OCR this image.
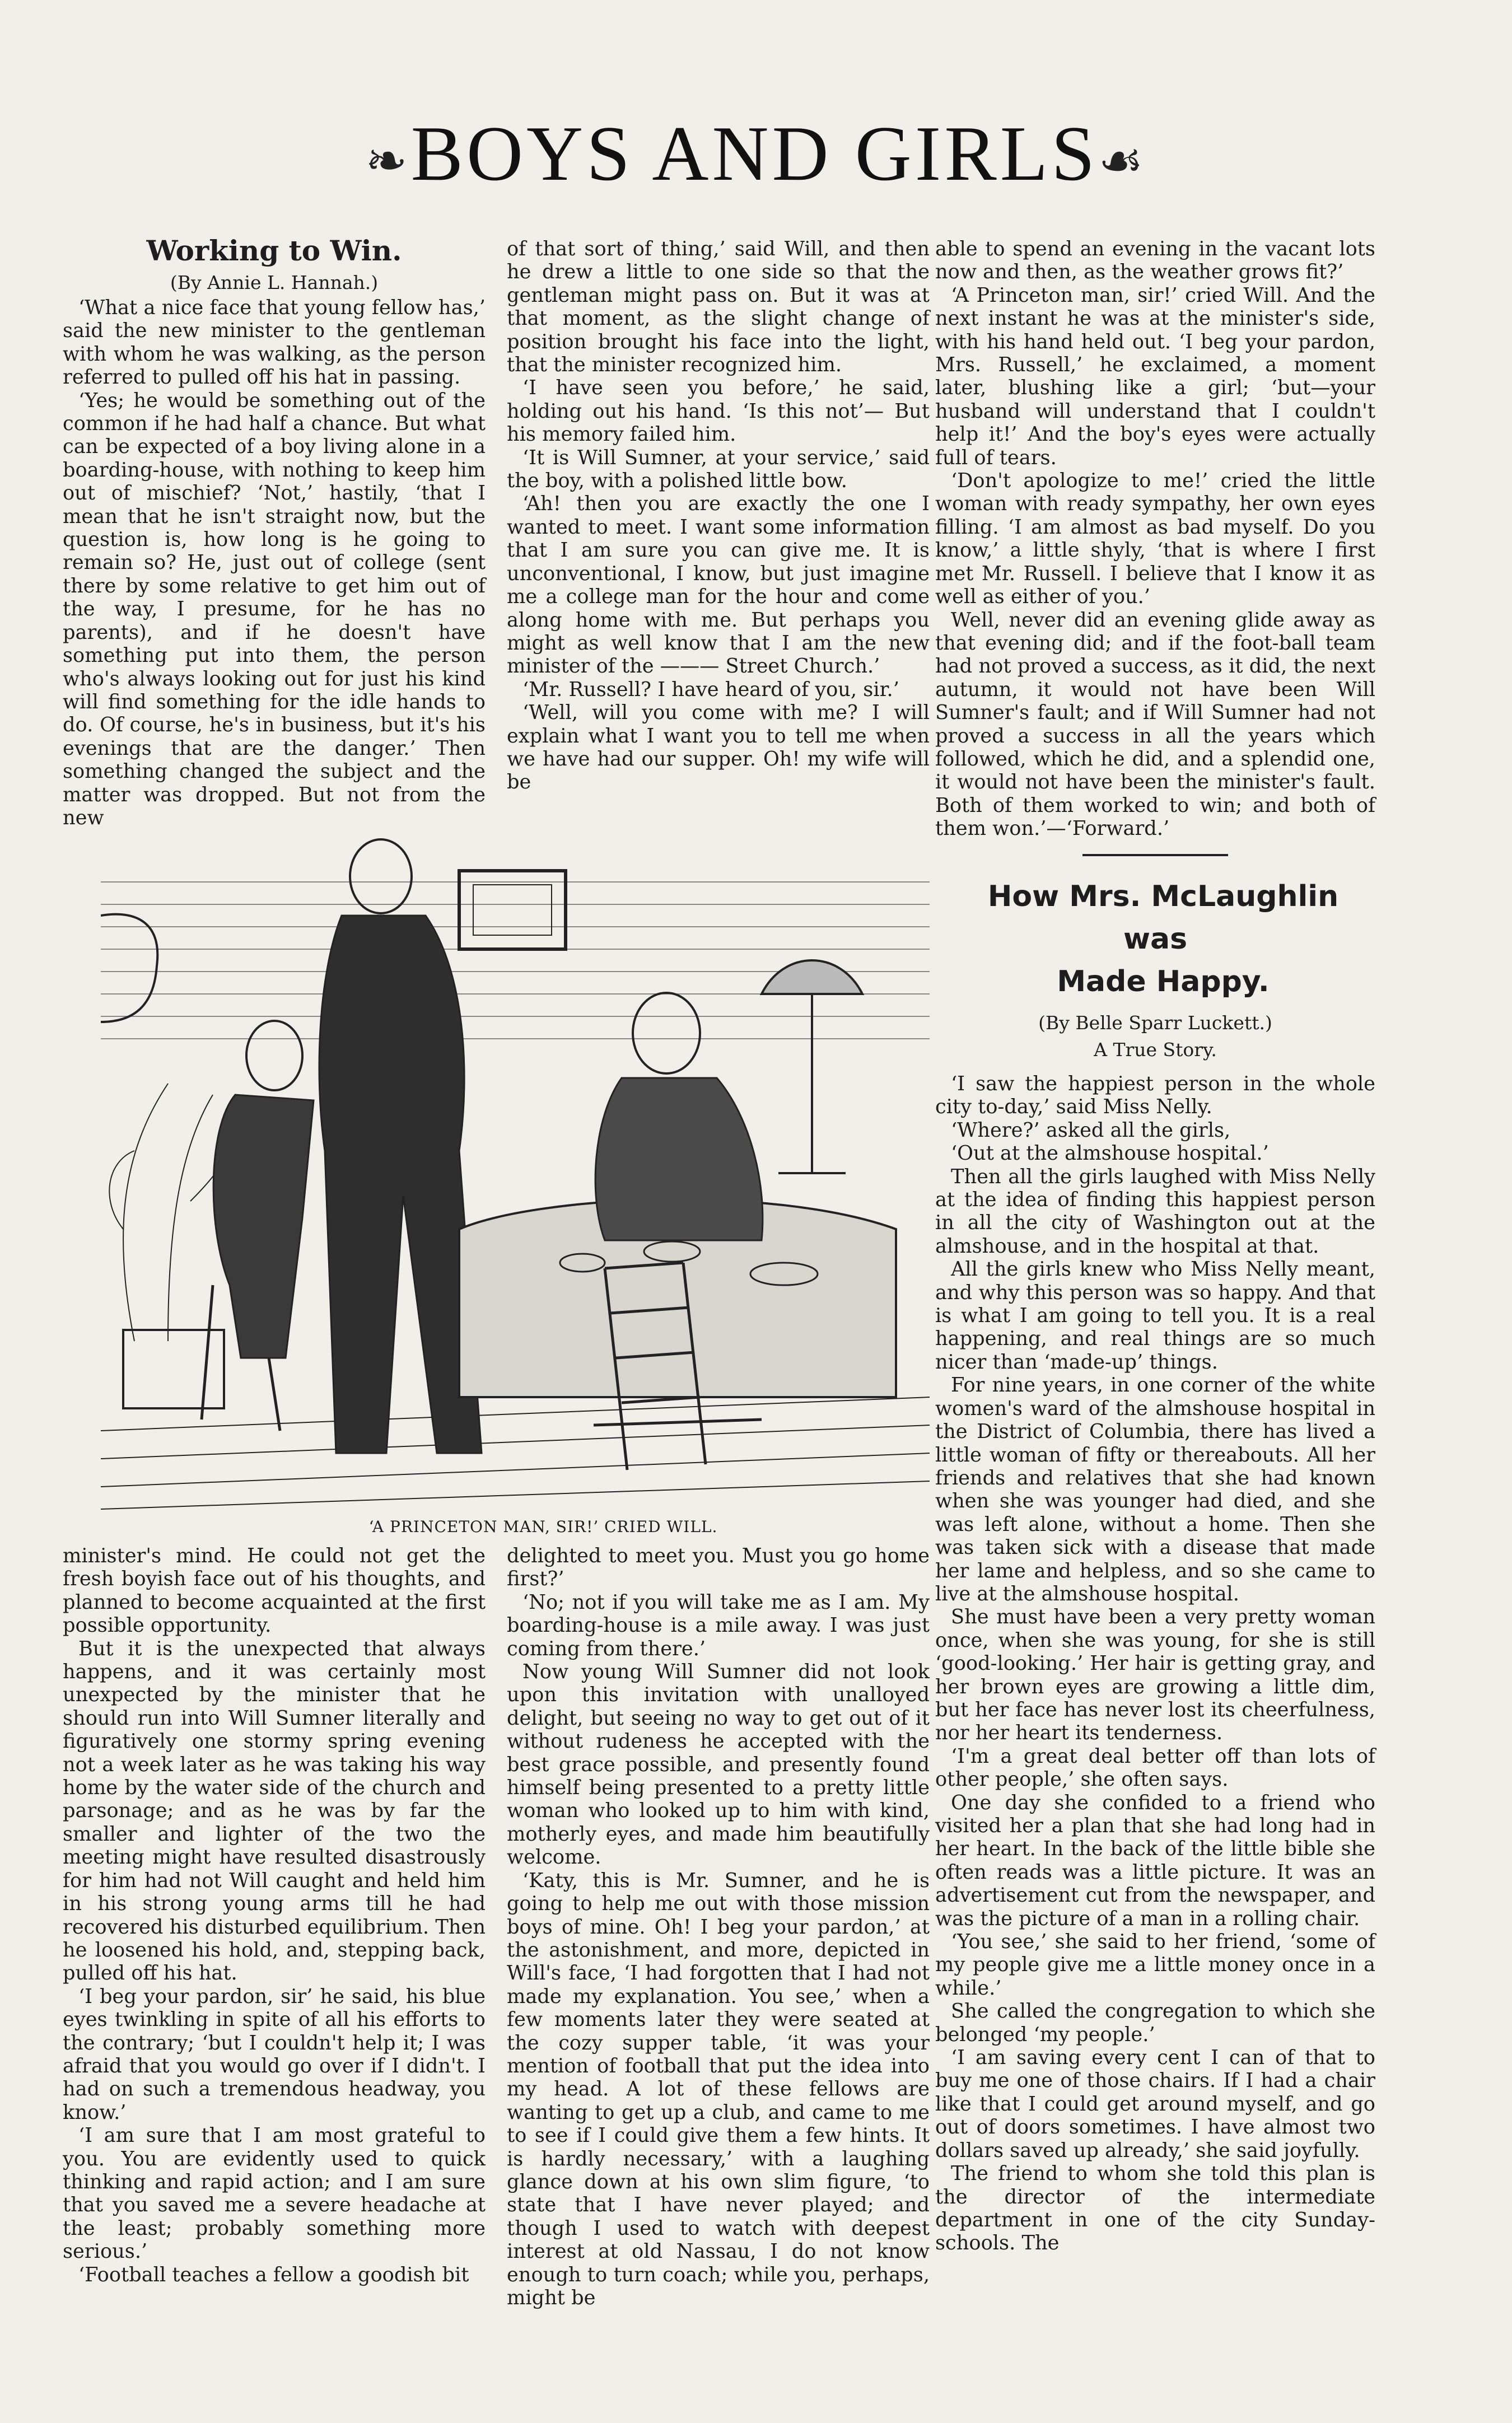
❧BOYS AND GIRLS☙

Working to Win.

(By Annie L. Hannah.)

‘What a nice face that young fellow has,’ said the new minister to the gentleman with whom he was walking, as the person referred to pulled off his hat in passing.

‘Yes; he would be something out of the common if he had half a chance. But what can be expected of a boy living alone in a boarding-house, with nothing to keep him out of mischief? ‘Not,’ hastily, ‘that I mean that he isn't straight now, but the question is, how long is he going to remain so? He, just out of college (sent there by some relative to get him out of the way, I presume, for he has no parents), and if he doesn't have something put into them, the person who's always looking out for just his kind will find something for the idle hands to do. Of course, he's in business, but it's his evenings that are the danger.’ Then something changed the subject and the matter was dropped. But not from the new

of that sort of thing,’ said Will, and then he drew a little to one side so that the gentleman might pass on. But it was at that moment, as the slight change of position brought his face into the light, that the minister recognized him.

‘I have seen you before,’ he said, holding out his hand. ‘Is this not’— But his memory failed him.

‘It is Will Sumner, at your service,’ said the boy, with a polished little bow.

‘Ah! then you are exactly the one I wanted to meet. I want some information that I am sure you can give me. It is unconventional, I know, but just imagine me a college man for the hour and come along home with me. But perhaps you might as well know that I am the new minister of the ——— Street Church.’

‘Mr. Russell? I have heard of you, sir.’

‘Well, will you come with me? I will explain what I want you to tell me when we have had our supper. Oh! my wife will be

able to spend an evening in the vacant lots now and then, as the weather grows fit?’

‘A Princeton man, sir!’ cried Will. And the next instant he was at the minister's side, with his hand held out. ‘I beg your pardon, Mrs. Russell,’ he exclaimed, a moment later, blushing like a girl; ‘but—your husband will understand that I couldn't help it!’ And the boy's eyes were actually full of tears.

‘Don't apologize to me!’ cried the little woman with ready sympathy, her own eyes filling. ‘I am almost as bad myself. Do you know,’ a little shyly, ‘that is where I first met Mr. Russell. I believe that I know it as well as either of you.’

Well, never did an evening glide away as that evening did; and if the foot-ball team had not proved a success, as it did, the next autumn, it would not have been Will Sumner's fault; and if Will Sumner had not proved a success in all the years which followed, which he did, and a splendid one, it would not have been the minister's fault. Both of them worked to win; and both of them won.’—‘Forward.’

How Mrs. McLaughlin was

Made Happy.

(By Belle Sparr Luckett.)

A True Story.

‘A PRINCETON MAN, SIR!’ CRIED WILL.

minister's mind. He could not get the fresh boyish face out of his thoughts, and planned to become acquainted at the first possible opportunity.

But it is the unexpected that always happens, and it was certainly most unexpected by the minister that he should run into Will Sumner literally and figuratively one stormy spring evening not a week later as he was taking his way home by the water side of the church and parsonage; and as he was by far the smaller and lighter of the two the meeting might have resulted disastrously for him had not Will caught and held him in his strong young arms till he had recovered his disturbed equilibrium. Then he loosened his hold, and, stepping back, pulled off his hat.

‘I beg your pardon, sir’ he said, his blue eyes twinkling in spite of all his efforts to the contrary; ‘but I couldn't help it; I was afraid that you would go over if I didn't. I had on such a tremendous headway, you know.’

‘I am sure that I am most grateful to you. You are evidently used to quick thinking and rapid action; and I am sure that you saved me a severe headache at the least; probably something more serious.’

‘Football teaches a fellow a goodish bit

delighted to meet you. Must you go home first?’

‘No; not if you will take me as I am. My boarding-house is a mile away. I was just coming from there.’

Now young Will Sumner did not look upon this invitation with unalloyed delight, but seeing no way to get out of it without rudeness he accepted with the best grace possible, and presently found himself being presented to a pretty little woman who looked up to him with kind, motherly eyes, and made him beautifully welcome.

‘Katy, this is Mr. Sumner, and he is going to help me out with those mission boys of mine. Oh! I beg your pardon,’ at the astonishment, and more, depicted in Will's face, ‘I had forgotten that I had not made my explanation. You see,’ when a few moments later they were seated at the cozy supper table, ‘it was your mention of football that put the idea into my head. A lot of these fellows are wanting to get up a club, and came to me to see if I could give them a few hints. It is hardly necessary,’ with a laughing glance down at his own slim figure, ‘to state that I have never played; and though I used to watch with deepest interest at old Nassau, I do not know enough to turn coach; while you, perhaps, might be

‘I saw the happiest person in the whole city to-day,’ said Miss Nelly.

‘Where?’ asked all the girls,

‘Out at the almshouse hospital.’

Then all the girls laughed with Miss Nelly at the idea of finding this happiest person in all the city of Washington out at the almshouse, and in the hospital at that.

All the girls knew who Miss Nelly meant, and why this person was so happy. And that is what I am going to tell you. It is a real happening, and real things are so much nicer than ‘made-up’ things.

For nine years, in one corner of the white women's ward of the almshouse hospital in the District of Columbia, there has lived a little woman of fifty or thereabouts. All her friends and relatives that she had known when she was younger had died, and she was left alone, without a home. Then she was taken sick with a disease that made her lame and helpless, and so she came to live at the almshouse hospital.

She must have been a very pretty woman once, when she was young, for she is still ‘good-looking.’ Her hair is getting gray, and her brown eyes are growing a little dim, but her face has never lost its cheerfulness, nor her heart its tenderness.

‘I'm a great deal better off than lots of other people,’ she often says.

One day she confided to a friend who visited her a plan that she had long had in her heart. In the back of the little bible she often reads was a little picture. It was an advertisement cut from the newspaper, and was the picture of a man in a rolling chair.

‘You see,’ she said to her friend, ‘some of my people give me a little money once in a while.’

She called the congregation to which she belonged ‘my people.’

‘I am saving every cent I can of that to buy me one of those chairs. If I had a chair like that I could get around myself, and go out of doors sometimes. I have almost two dollars saved up already,’ she said joyfully.

The friend to whom she told this plan is the director of the intermediate department in one of the city Sunday-schools. The
